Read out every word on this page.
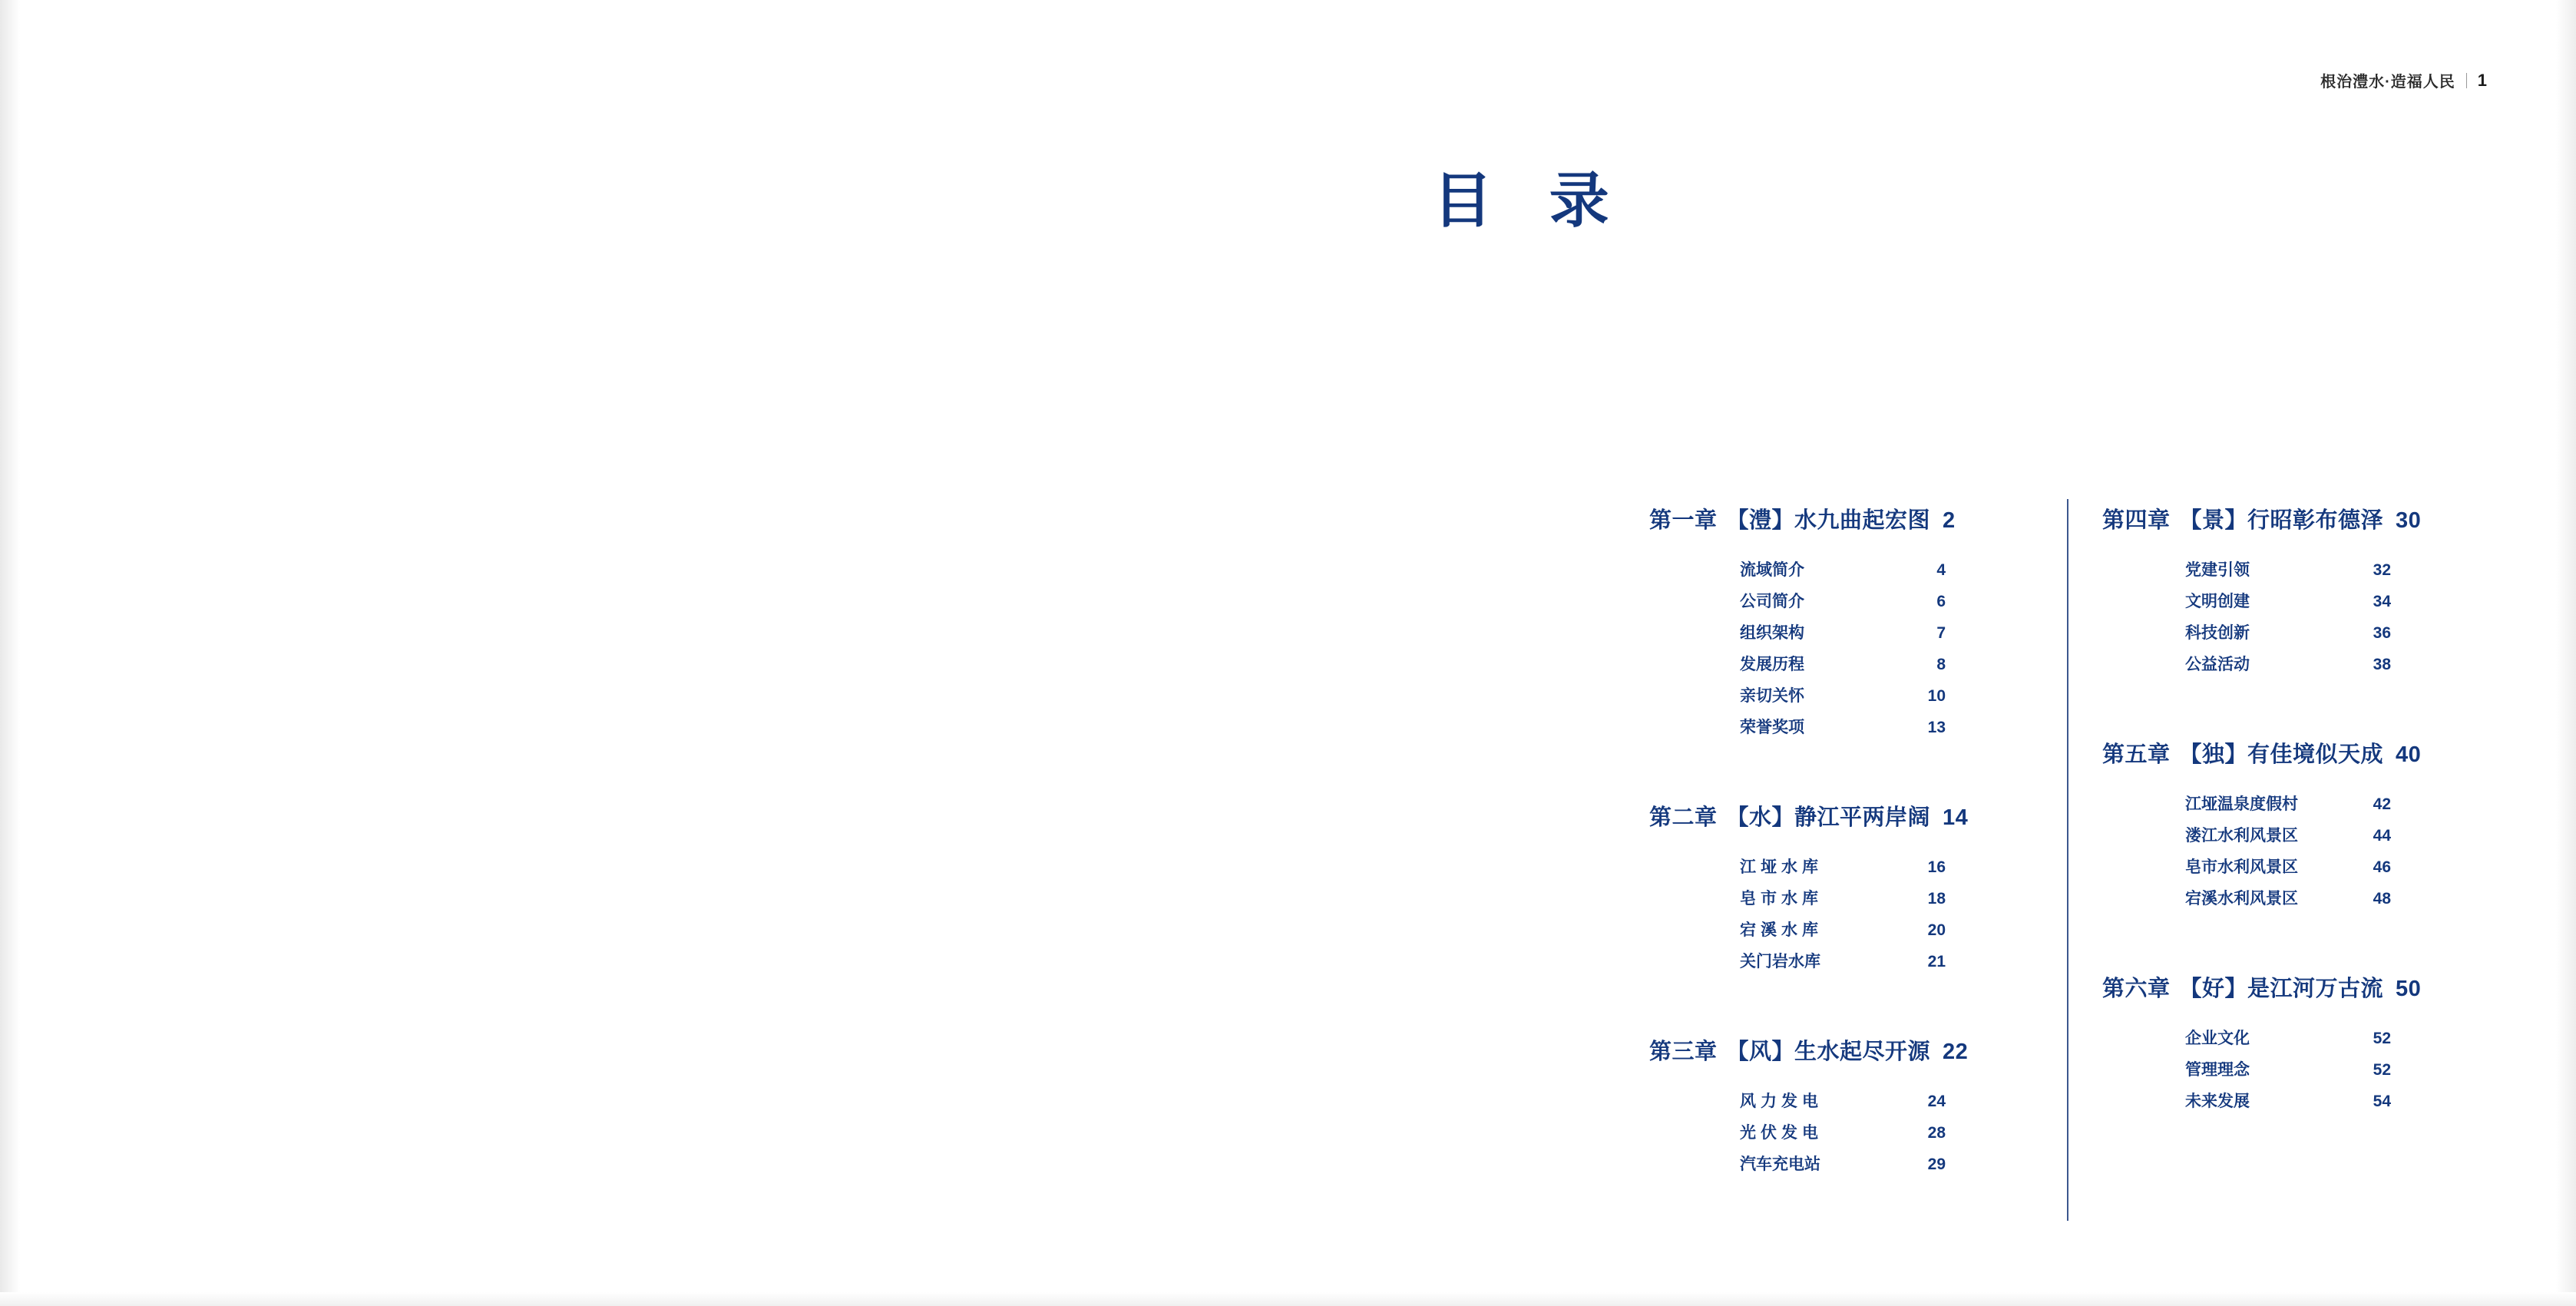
根治澧水·造福人民 1
目 录
第一章 【澧】水九曲起宏图 2
流域简介	4
公司简介	6
组织架构	7
发展历程	8
亲切关怀	10
荣誉奖项	13
第二章 【水】静江平两岸阔 14
江垭水库	16
皂市水库	18
宕溪水库	20
关门岩水库	21
第三章 【风】生水起尽开源 22
风力发电	24
光伏发电	28
汽车充电站	29
第四章 【景】行昭彰布德泽 30
党建引领	32
文明创建	34
科技创新	36
公益活动	38
第五章 【独】有佳境似天成 40
江垭温泉度假村	42
溇江水利风景区	44
皂市水利风景区	46
宕溪水利风景区	48
第六章 【好】是江河万古流 50
企业文化	52
管理理念	52
未来发展	54
